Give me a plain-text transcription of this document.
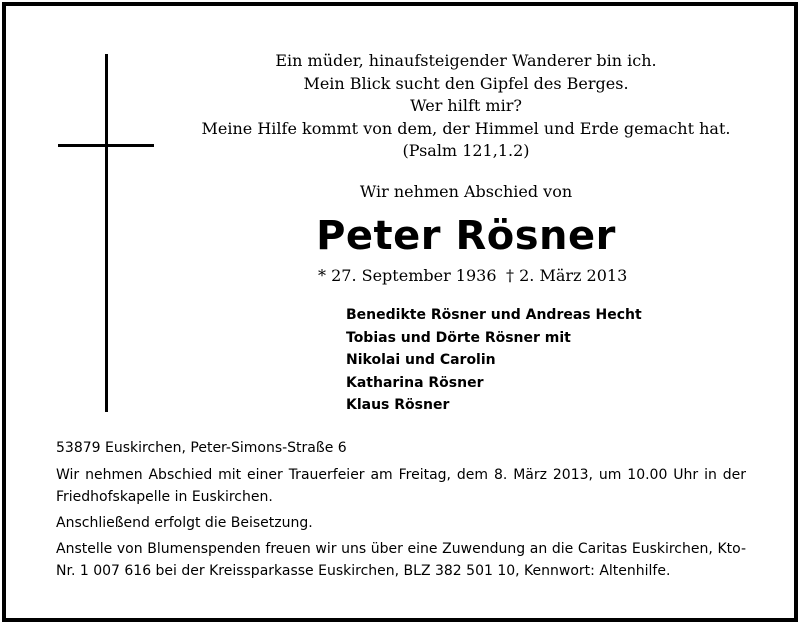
Ein müder, hinaufsteigender Wanderer bin ich.
Mein Blick sucht den Gipfel des Berges.
Wer hilft mir?
Meine Hilfe kommt von dem, der Himmel und Erde gemacht hat.
(Psalm 121,1.2)
Wir nehmen Abschied von
Peter Rösner
* 27. September 1936 † 2. März 2013
Benedikte Rösner und Andreas Hecht
Tobias und Dörte Rösner mit
Nikolai und Carolin
Katharina Rösner
Klaus Rösner
53879 Euskirchen, Peter-Simons-Straße 6
Wir nehmen Abschied mit einer Trauerfeier am Freitag, dem 8. März 2013, um 10.00 Uhr in der Friedhofskapelle in Euskirchen.
Anschließend erfolgt die Beisetzung.
Anstelle von Blumenspenden freuen wir uns über eine Zuwendung an die Caritas Euskirchen, Kto-Nr. 1 007 616 bei der Kreissparkasse Euskirchen, BLZ 382 501 10, Kennwort: Altenhilfe.
